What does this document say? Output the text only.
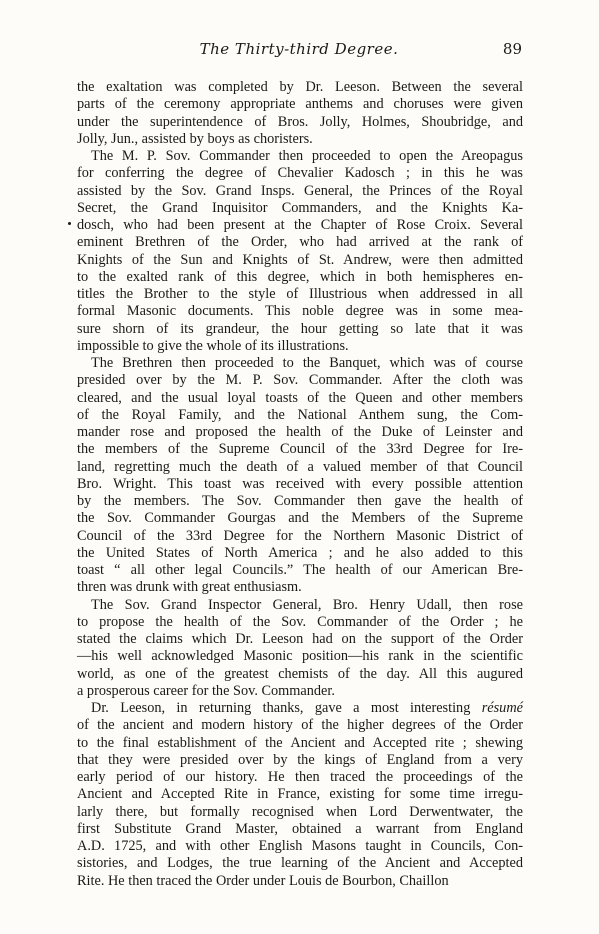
The Thirty-third Degree.	89
the exaltation was completed by Dr. Leeson. Between the several
parts of the ceremony appropriate anthems and choruses were given
under the superintendence of Bros. Jolly, Holmes, Shoubridge, and
Jolly, Jun., assisted by boys as choristers.
The M. P. Sov. Commander then proceeded to open the Areopagus
for conferring the degree of Chevalier Kadosch ; in this he was
assisted by the Sov. Grand Insps. General, the Princes of the Royal
Secret, the Grand Inquisitor Commanders, and the Knights Ka-
dosch, who had been present at the Chapter of Rose Croix. Several
eminent Brethren of the Order, who had arrived at the rank of
Knights of the Sun and Knights of St. Andrew, were then admitted
to the exalted rank of this degree, which in both hemispheres en-
titles the Brother to the style of Illustrious when addressed in all
formal Masonic documents. This noble degree was in some mea-
sure shorn of its grandeur, the hour getting so late that it was
impossible to give the whole of its illustrations.
The Brethren then proceeded to the Banquet, which was of course
presided over by the M. P. Sov. Commander. After the cloth was
cleared, and the usual loyal toasts of the Queen and other members
of the Royal Family, and the National Anthem sung, the Com-
mander rose and proposed the health of the Duke of Leinster and
the members of the Supreme Council of the 33rd Degree for Ire-
land, regretting much the death of a valued member of that Council
Bro. Wright. This toast was received with every possible attention
by the members. The Sov. Commander then gave the health of
the Sov. Commander Gourgas and the Members of the Supreme
Council of the 33rd Degree for the Northern Masonic District of
the United States of North America ; and he also added to this
toast “ all other legal Councils.” The health of our American Bre-
thren was drunk with great enthusiasm.
The Sov. Grand Inspector General, Bro. Henry Udall, then rose
to propose the health of the Sov. Commander of the Order ; he
stated the claims which Dr. Leeson had on the support of the Order
—his well acknowledged Masonic position—his rank in the scientific
world, as one of the greatest chemists of the day. All this augured
a prosperous career for the Sov. Commander.
Dr. Leeson, in returning thanks, gave a most interesting résumé
of the ancient and modern history of the higher degrees of the Order
to the final establishment of the Ancient and Accepted rite ; shewing
that they were presided over by the kings of England from a very
early period of our history. He then traced the proceedings of the
Ancient and Accepted Rite in France, existing for some time irregu-
larly there, but formally recognised when Lord Derwentwater, the
first Substitute Grand Master, obtained a warrant from England
A.D. 1725, and with other English Masons taught in Councils, Con-
sistories, and Lodges, the true learning of the Ancient and Accepted
Rite. He then traced the Order under Louis de Bourbon, Chaillon
